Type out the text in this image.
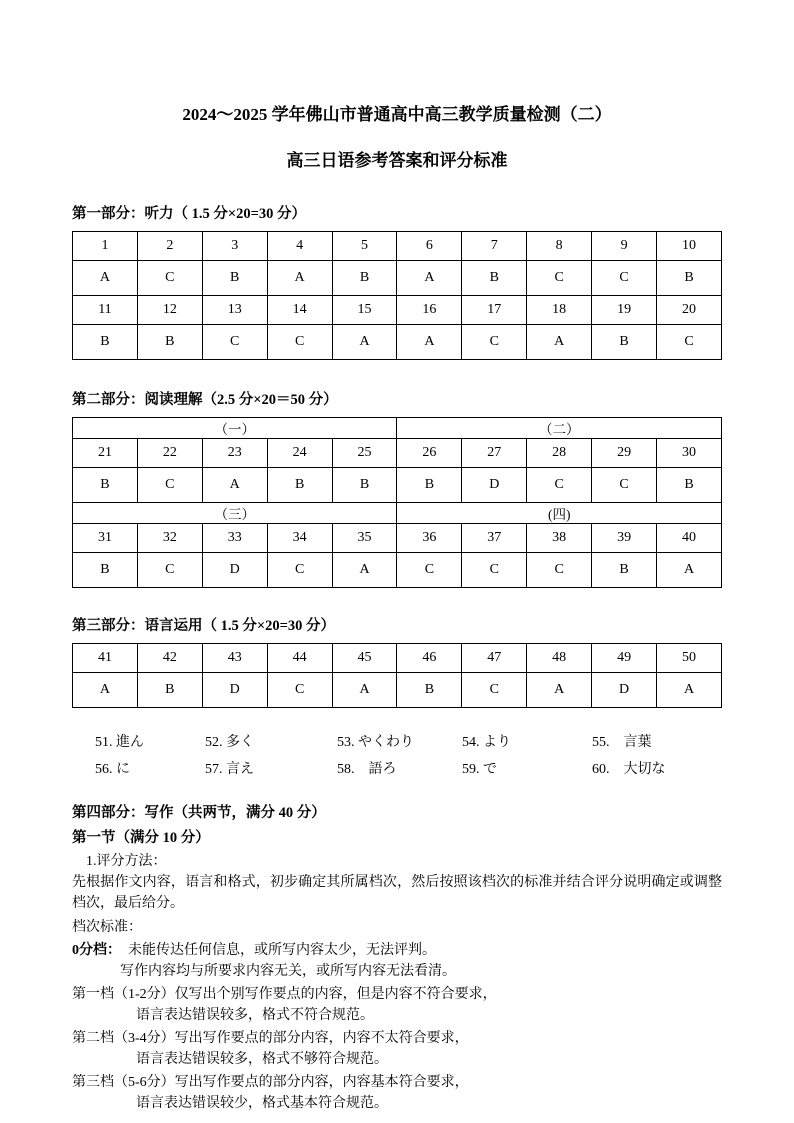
2024～2025 学年佛山市普通高中高三教学质量检测（二）
高三日语参考答案和评分标准
第一部分：听力（ 1.5 分×20=30 分）
1	2	3	4	5	6	7	8	9	10
A	C	B	A	B	A	B	C	C	B
11	12	13	14	15	16	17	18	19	20
B	B	C	C	A	A	C	A	B	C
第二部分：阅读理解（2.5 分×20＝50 分）
（一）					（二）				
21	22	23	24	25	26	27	28	29	30
B	C	A	B	B	B	D	C	C	B
（三）					(四)				
31	32	33	34	35	36	37	38	39	40
B	C	D	C	A	C	C	C	B	A
第三部分：语言运用（ 1.5 分×20=30 分）
41	42	43	44	45	46	47	48	49	50
A	B	D	C	A	B	C	A	D	A
51. 進ん	52. 多く	53. やくわり	54. より	55.　言葉
56. に	57. 言え	58.　語ろ	59. で	60.　大切な
第四部分：写作（共两节，满分 40 分）
第一节（满分 10 分）
1.评分方法：
先根据作文内容，语言和格式，初步确定其所属档次，然后按照该档次的标准并结合评分说明确定或调整档次，最后给分。
档次标准：
0分档：　未能传达任何信息，或所写内容太少，无法评判。
写作内容均与所要求内容无关，或所写内容无法看清。
第一档（1-2分）仅写出个别写作要点的内容，但是内容不符合要求，
语言表达错误较多，格式不符合规范。
第二档（3-4分）写出写作要点的部分内容，内容不太符合要求，
语言表达错误较多，格式不够符合规范。
第三档（5-6分）写出写作要点的部分内容，内容基本符合要求，
语言表达错误较少，格式基本符合规范。
